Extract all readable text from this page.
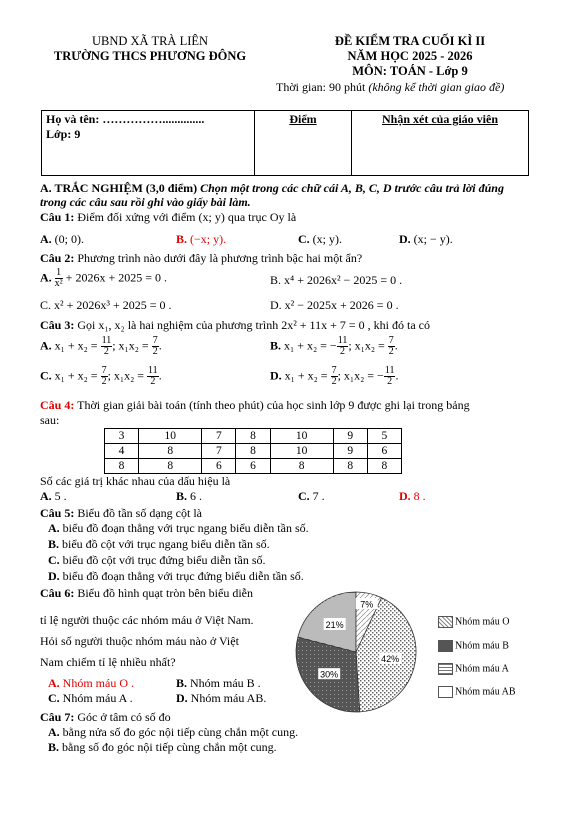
UBND XÃ TRÀ LIÊN
TRƯỜNG THCS PHƯƠNG ĐÔNG
ĐỀ KIỂM TRA CUỐI KÌ II
NĂM HỌC 2025 - 2026
MÔN: TOÁN - Lớp 9
Thời gian: 90 phút (không kể thời gian giao đề)
Họ và tên: ……………..............
Lớp: 9
	Điểm	Nhận xét của giáo viên
A. TRẮC NGHIỆM (3,0 điểm) Chọn một trong các chữ cái A, B, C, D trước câu trả lời đúng
trong các câu sau rồi ghi vào giấy bài làm.
Câu 1: Điểm đối xứng với điểm (x; y) qua trục Oy là
A. (0; 0).	B. (−x; y).	C. (x; y).	D. (x; − y).
Câu 2: Phương trình nào dưới đây là phương trình bậc hai một ẩn?
A. $\frac{1}{\text{x²}} + 2026x + 2025 = 0$ .	B. x⁴ + 2026x² − 2025 = 0 .
C. x² + 2026x³ + 2025 = 0 .	D. x² − 2025x + 2026 = 0 .
Câu 3: Gọi x₁, x₂ là hai nghiệm của phương trình 2x² + 11x + 7 = 0 , khi đó ta có
A. $x_1 + x_2 = \frac{11}{2}$ ; $x_1x_2 = \frac{7}{2}$ .	B. x₁ + x₂ = − $\frac{11}{2}$ ; $x_1x_2 = \frac{7}{2}$ .
C. $x_1 + x_2 = \frac{7}{2}$ ; $x_1x_2 = \frac{11}{2}$ .	D. $x_1 + x_2 = \frac{7}{2}$ ; x₁x₂ = − $\frac{11}{2}$ .
Câu 4: Thời gian giải bài toán (tính theo phút) của học sinh lớp 9 được ghi lại trong bảng
sau:
3	10	7	8	10	9	5
4	8	7	8	10	9	6
8	8	6	6	8	8	8
Số các giá trị khác nhau của dấu hiệu là
A. 5 .	B. 6 .	C. 7 .	D. 8 .
Câu 5: Biểu đồ tần số dạng cột là
A. biểu đồ đoạn thẳng với trục ngang biểu diễn tần số.
B. biểu đồ cột với trục ngang biểu diễn tần số.
C. biểu đồ cột với trục đứng biểu diễn tần số.
D. biểu đồ đoạn thẳng với trục đứng biểu diễn tần số.
Câu 6: Biểu đồ hình quạt tròn bên biểu diễn
tỉ lệ người thuộc các nhóm máu ở Việt Nam.
Hỏi số người thuộc nhóm máu nào ở Việt
Nam chiếm tỉ lệ nhiều nhất?
A. Nhóm máu O .	B. Nhóm máu B .
C. Nhóm máu A .	D. Nhóm máu AB.
42%
30%
21%
7%
Nhóm máu O
Nhóm máu B
Nhóm máu A
Nhóm máu AB
Câu 7: Góc ở tâm có số đo
A. bằng nửa số đo góc nội tiếp cùng chắn một cung.
B. bằng số đo góc nội tiếp cùng chắn một cung.
